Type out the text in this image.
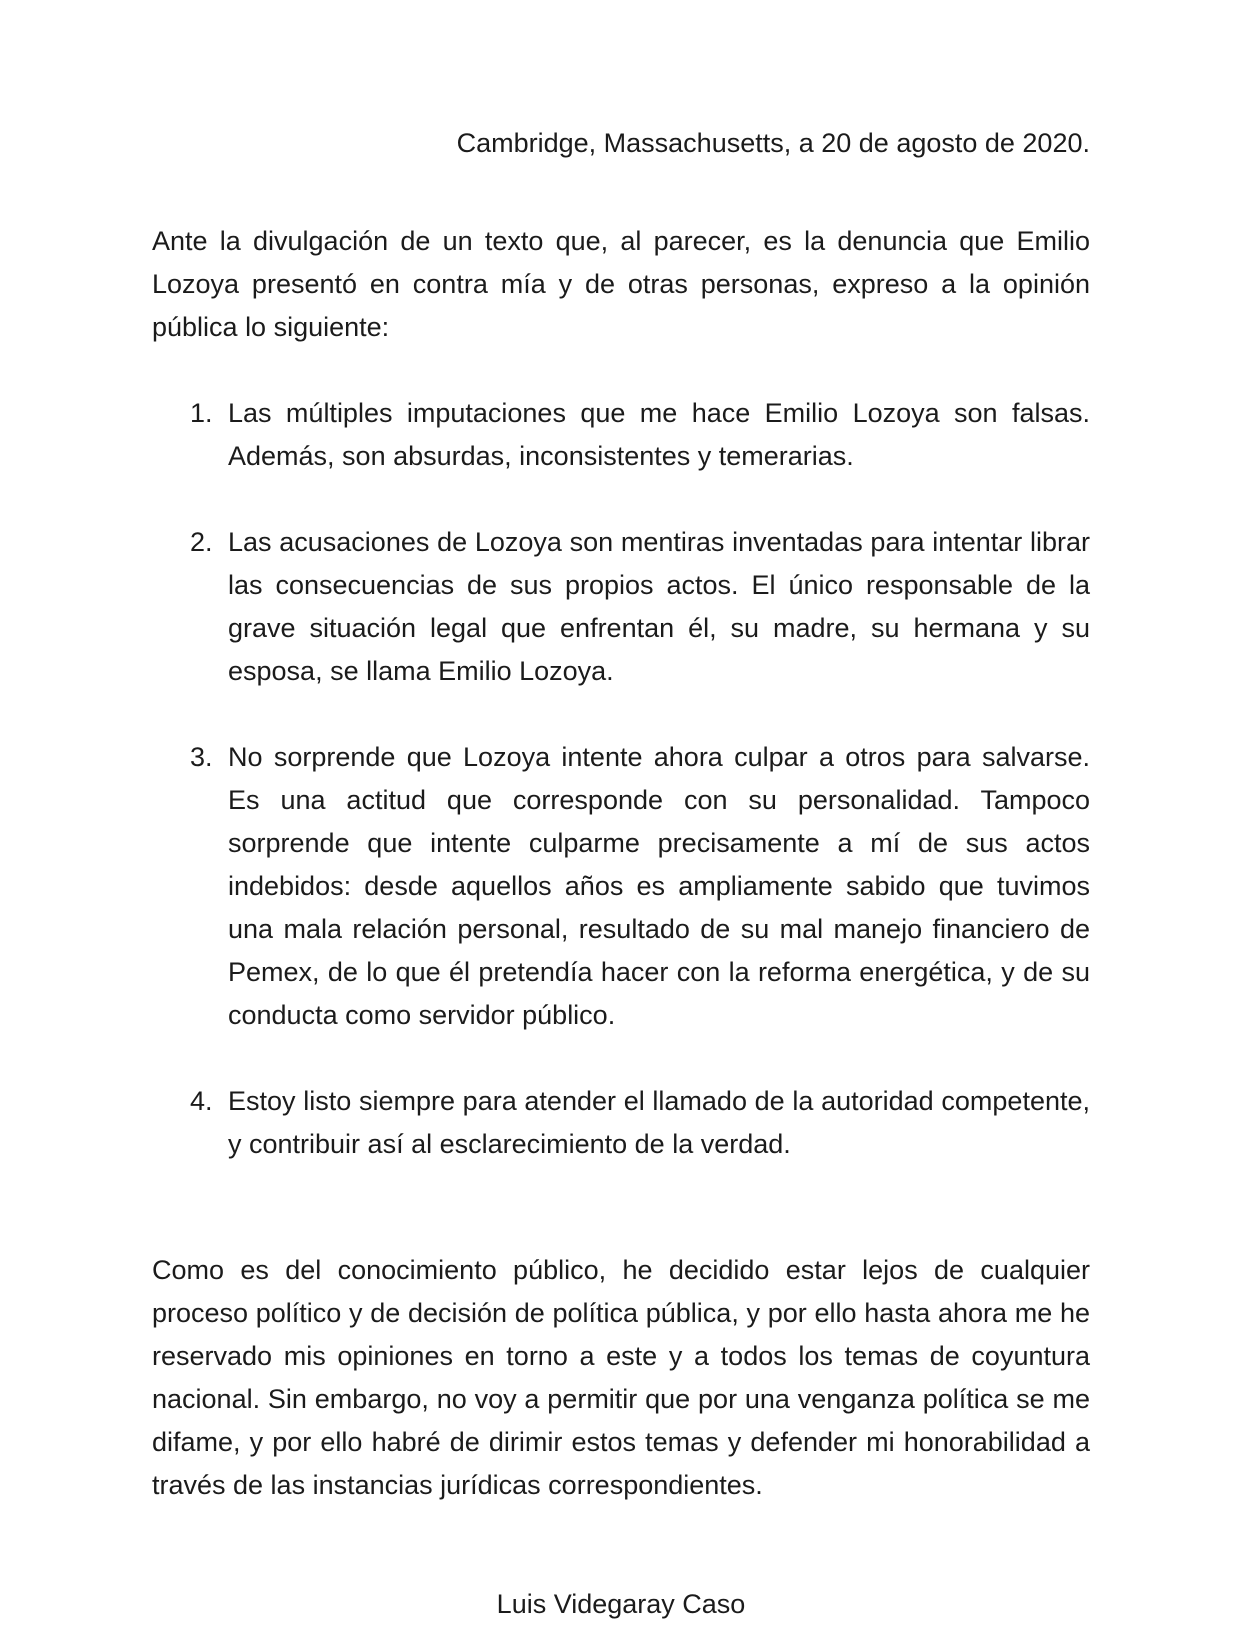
Cambridge, Massachusetts, a 20 de agosto de 2020.

Ante la divulgación de un texto que, al parecer, es la denuncia que Emilio Lozoya presentó en contra mía y de otras personas, expreso a la opinión pública lo siguiente:

1. Las múltiples imputaciones que me hace Emilio Lozoya son falsas. Además, son absurdas, inconsistentes y temerarias.
2. Las acusaciones de Lozoya son mentiras inventadas para intentar librar las consecuencias de sus propios actos. El único responsable de la grave situación legal que enfrentan él, su madre, su hermana y su esposa, se llama Emilio Lozoya.
3. No sorprende que Lozoya intente ahora culpar a otros para salvarse. Es una actitud que corresponde con su personalidad. Tampoco sorprende que intente culparme precisamente a mí de sus actos indebidos: desde aquellos años es ampliamente sabido que tuvimos una mala relación personal, resultado de su mal manejo financiero de Pemex, de lo que él pretendía hacer con la reforma energética, y de su conducta como servidor público.
4. Estoy listo siempre para atender el llamado de la autoridad competente, y contribuir así al esclarecimiento de la verdad.

Como es del conocimiento público, he decidido estar lejos de cualquier proceso político y de decisión de política pública, y por ello hasta ahora me he reservado mis opiniones en torno a este y a todos los temas de coyuntura nacional. Sin embargo, no voy a permitir que por una venganza política se me difame, y por ello habré de dirimir estos temas y defender mi honorabilidad a través de las instancias jurídicas correspondientes.

Luis Videgaray Caso
